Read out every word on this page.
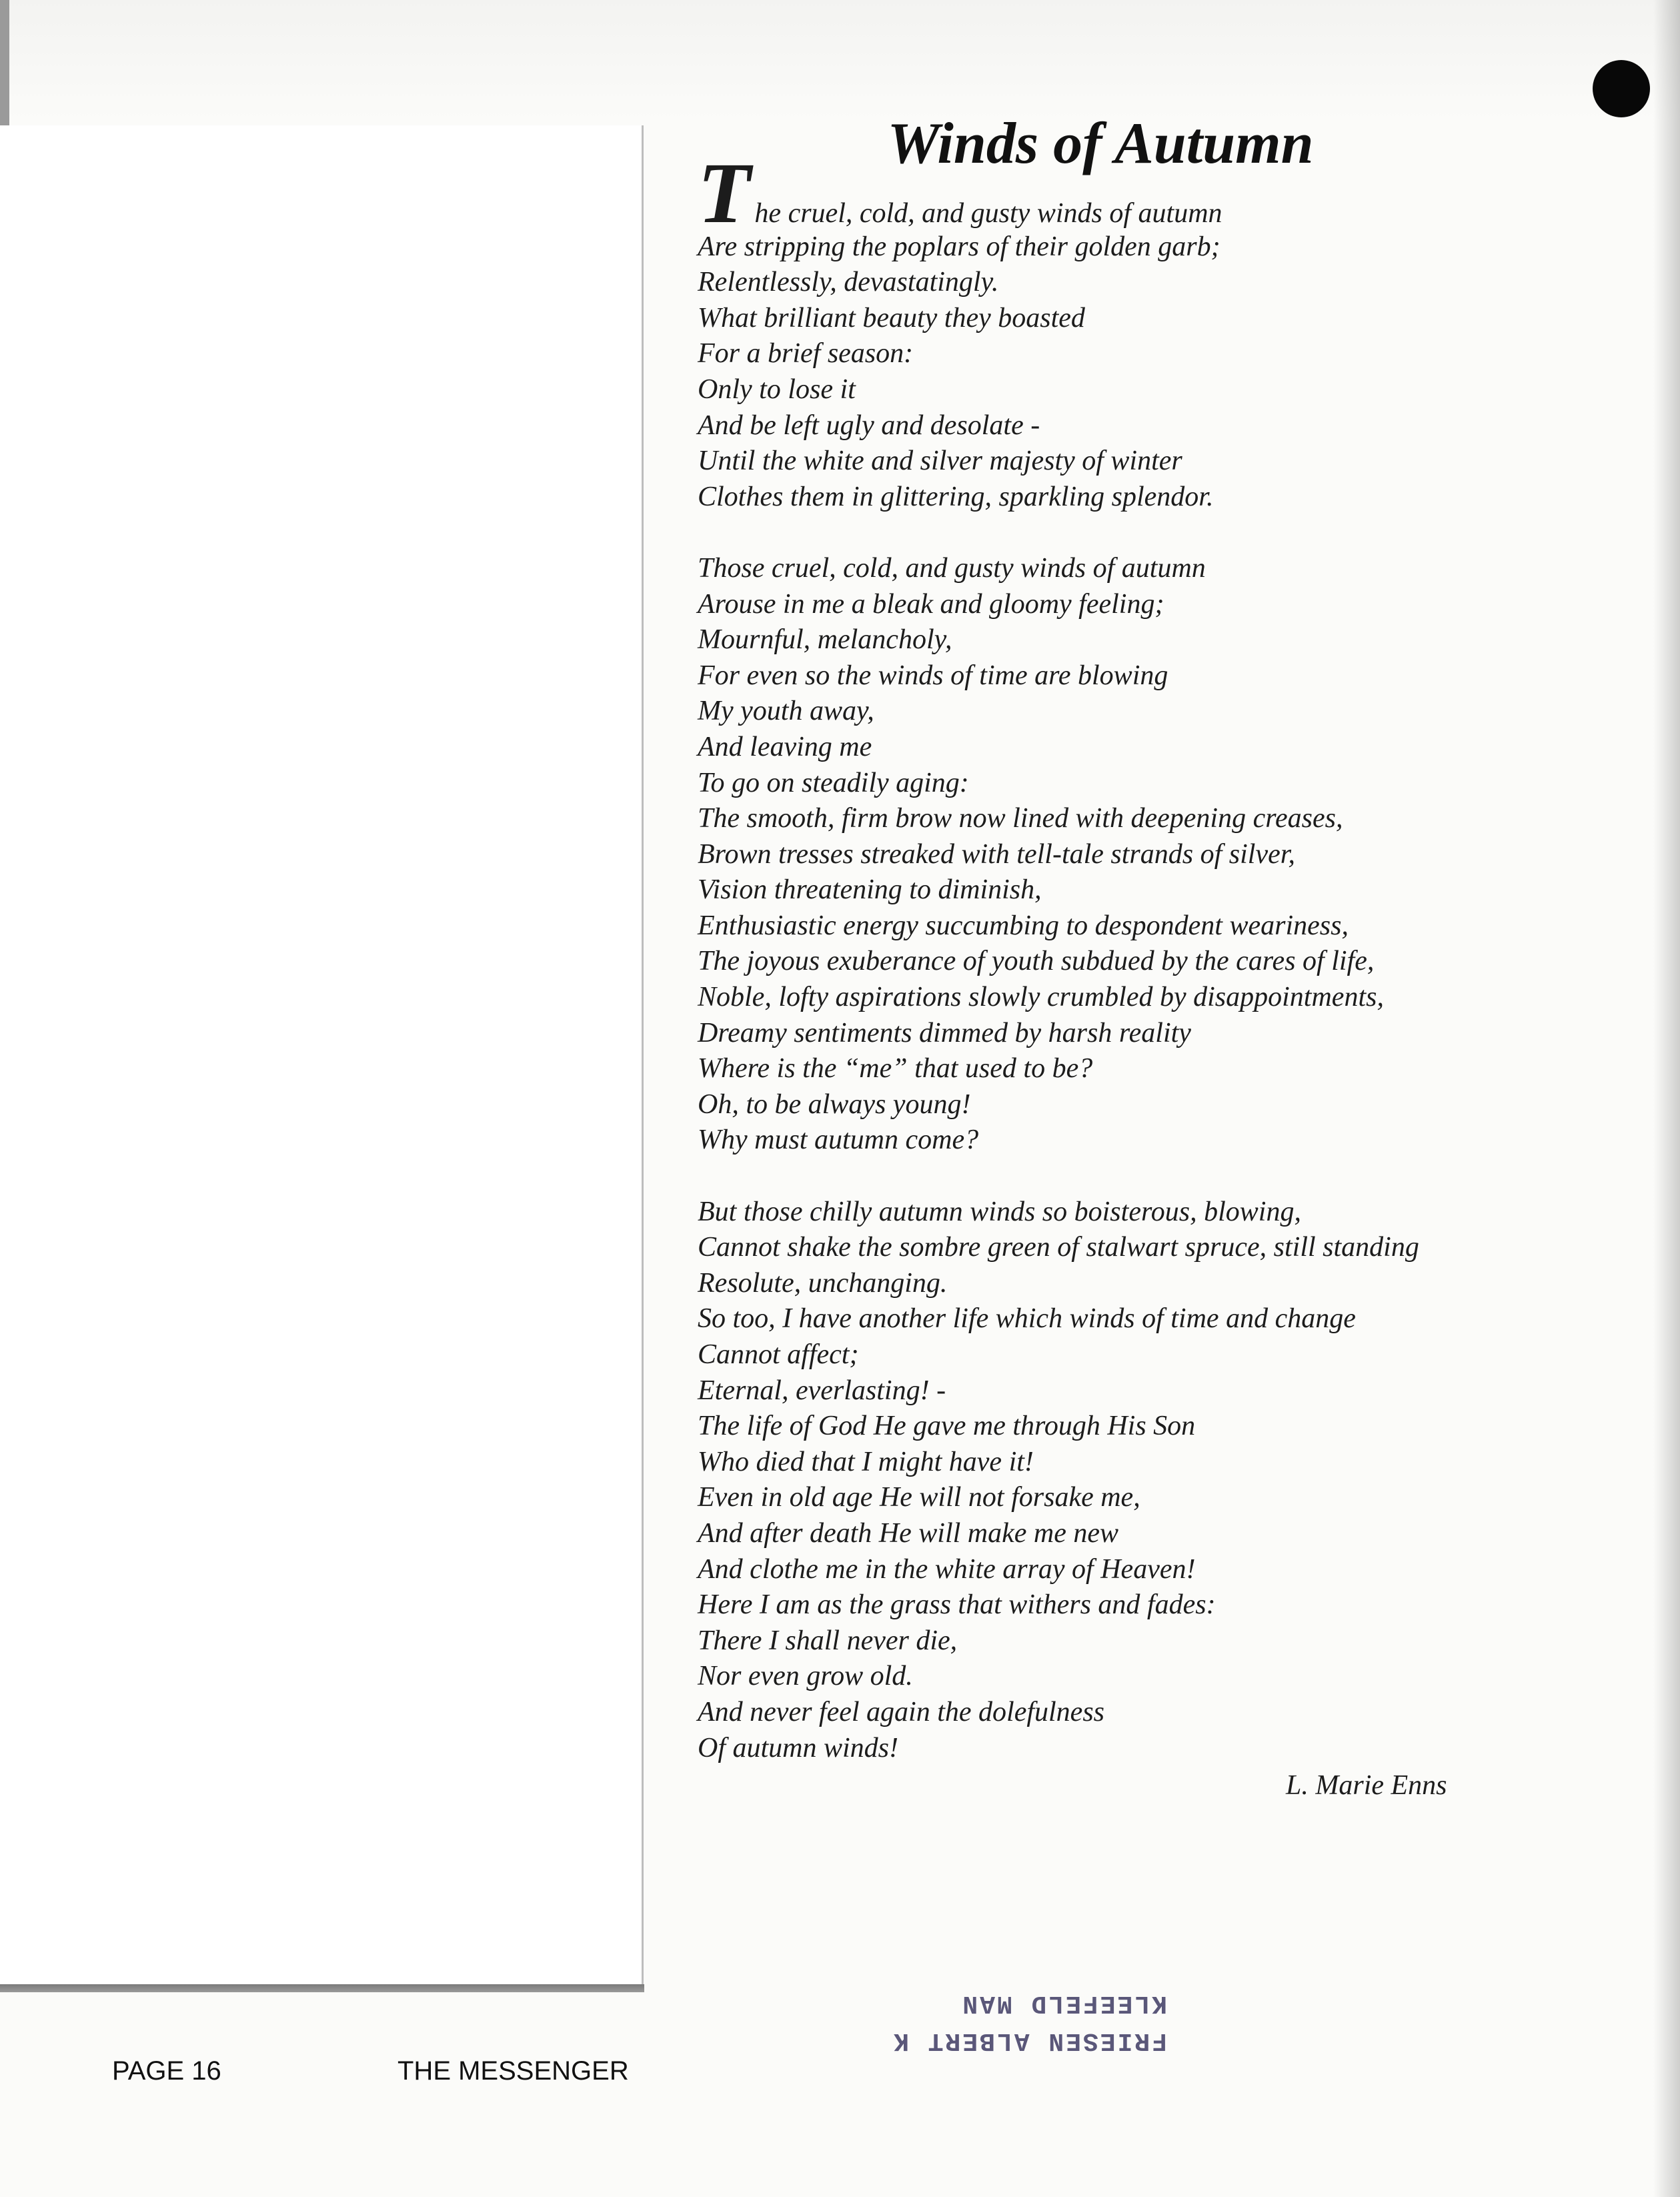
Winds of Autumn
The cruel, cold, and gusty winds of autumn
Are stripping the poplars of their golden garb;
Relentlessly, devastatingly.
What brilliant beauty they boasted
For a brief season:
Only to lose it
And be left ugly and desolate -
Until the white and silver majesty of winter
Clothes them in glittering, sparkling splendor.
Those cruel, cold, and gusty winds of autumn
Arouse in me a bleak and gloomy feeling;
Mournful, melancholy,
For even so the winds of time are blowing
My youth away,
And leaving me
To go on steadily aging:
The smooth, firm brow now lined with deepening creases,
Brown tresses streaked with tell-tale strands of silver,
Vision threatening to diminish,
Enthusiastic energy succumbing to despondent weariness,
The joyous exuberance of youth subdued by the cares of life,
Noble, lofty aspirations slowly crumbled by disappointments,
Dreamy sentiments dimmed by harsh reality
Where is the “me” that used to be?
Oh, to be always young!
Why must autumn come?
But those chilly autumn winds so boisterous, blowing,
Cannot shake the sombre green of stalwart spruce, still standing
Resolute, unchanging.
So too, I have another life which winds of time and change
Cannot affect;
Eternal, everlasting! -
The life of God He gave me through His Son
Who died that I might have it!
Even in old age He will not forsake me,
And after death He will make me new
And clothe me in the white array of Heaven!
Here I am as the grass that withers and fades:
There I shall never die,
Nor even grow old.
And never feel again the dolefulness
Of autumn winds!
L. Marie Enns
PAGE 16	THE MESSENGER
FRIESEN ALBERT K
KLEEFELD MAN
